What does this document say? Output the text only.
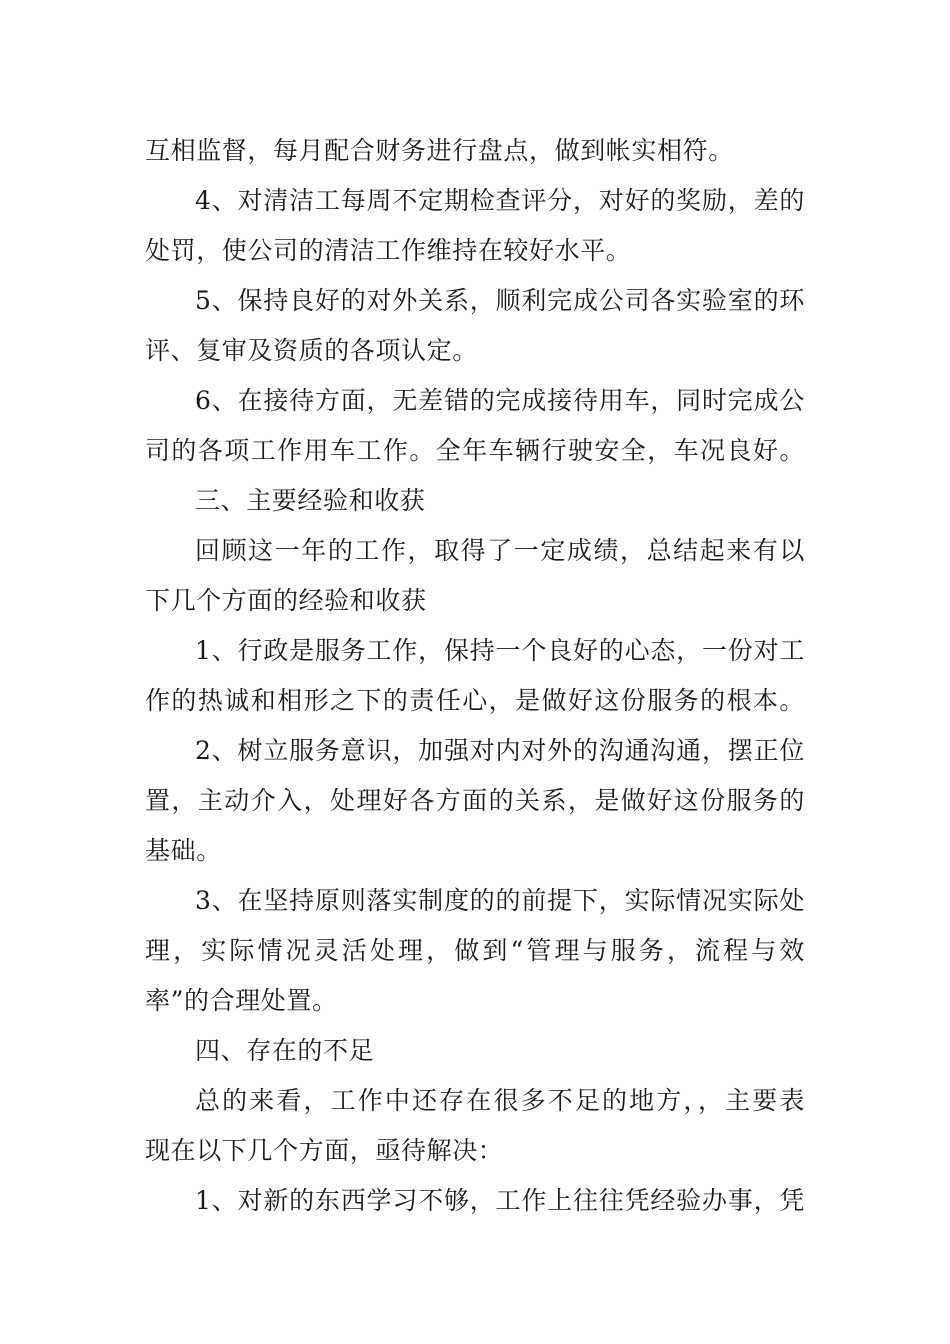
互相监督，每月配合财务进行盘点，做到帐实相符。
4、对清洁工每周不定期检查评分，对好的奖励，差的
处罚，使公司的清洁工作维持在较好水平。
5、保持良好的对外关系，顺利完成公司各实验室的环
评、复审及资质的各项认定。
6、在接待方面，无差错的完成接待用车，同时完成公
司的各项工作用车工作。全年车辆行驶安全，车况良好。
三、主要经验和收获
回顾这一年的工作，取得了一定成绩，总结起来有以
下几个方面的经验和收获
1、行政是服务工作，保持一个良好的心态，一份对工
作的热诚和相形之下的责任心，是做好这份服务的根本。
2、树立服务意识，加强对内对外的沟通沟通，摆正位
置，主动介入，处理好各方面的关系，是做好这份服务的
基础。
3、在坚持原则落实制度的的前提下，实际情况实际处
理，实际情况灵活处理，做到“管理与服务，流程与效
率”的合理处置。
四、存在的不足
总的来看，工作中还存在很多不足的地方，，主要表
现在以下几个方面，亟待解决：
1、对新的东西学习不够，工作上往往凭经验办事，凭
